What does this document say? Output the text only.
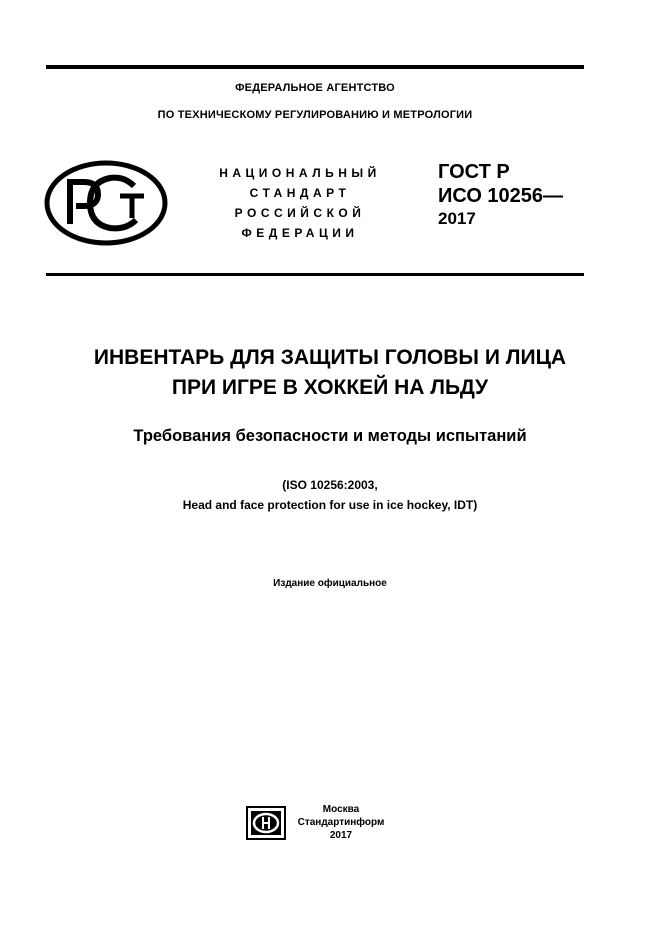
ФЕДЕРАЛЬНОЕ АГЕНТСТВО
ПО ТЕХНИЧЕСКОМУ РЕГУЛИРОВАНИЮ И МЕТРОЛОГИИ
НАЦИОНАЛЬНЫЙ
СТАНДАРТ
РОССИЙСКОЙ
ФЕДЕРАЦИИ
ГОСТ Р
ИСО 10256—
2017
ИНВЕНТАРЬ ДЛЯ ЗАЩИТЫ ГОЛОВЫ И ЛИЦА
ПРИ ИГРЕ В ХОККЕЙ НА ЛЬДУ
Требования безопасности и методы испытаний
(ISO 10256:2003,
Head and face protection for use in ice hockey, IDT)
Издание официальное
Москва
Стандартинформ
2017
